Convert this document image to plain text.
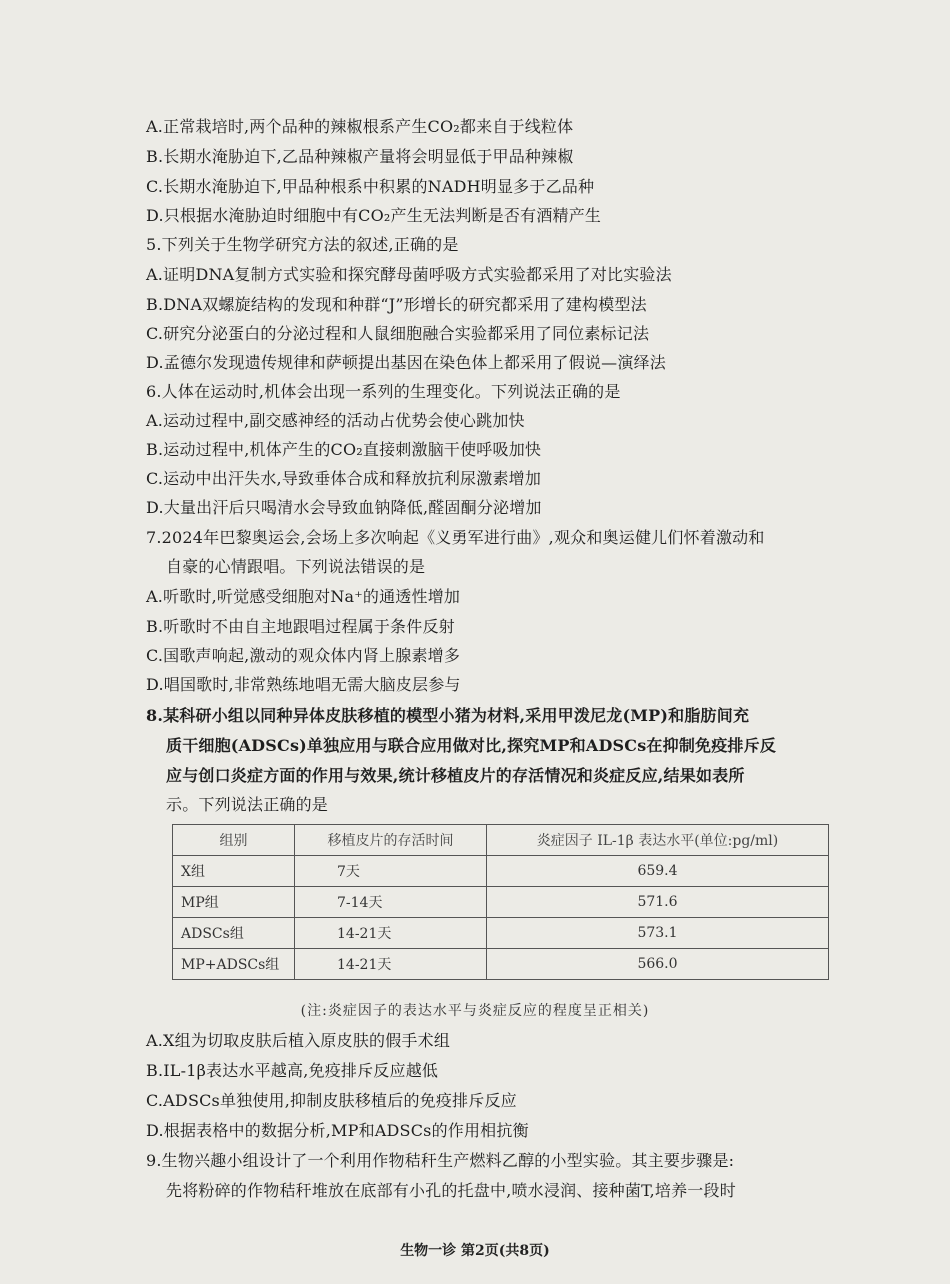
A.正常栽培时,两个品种的辣椒根系产生CO₂都来自于线粒体
B.长期水淹胁迫下,乙品种辣椒产量将会明显低于甲品种辣椒
C.长期水淹胁迫下,甲品种根系中积累的NADH明显多于乙品种
D.只根据水淹胁迫时细胞中有CO₂产生无法判断是否有酒精产生
5.下列关于生物学研究方法的叙述,正确的是
A.证明DNA复制方式实验和探究酵母菌呼吸方式实验都采用了对比实验法
B.DNA双螺旋结构的发现和种群“J”形增长的研究都采用了建构模型法
C.研究分泌蛋白的分泌过程和人鼠细胞融合实验都采用了同位素标记法
D.孟德尔发现遗传规律和萨顿提出基因在染色体上都采用了假说—演绎法
6.人体在运动时,机体会出现一系列的生理变化。下列说法正确的是
A.运动过程中,副交感神经的活动占优势会使心跳加快
B.运动过程中,机体产生的CO₂直接刺激脑干使呼吸加快
C.运动中出汗失水,导致垂体合成和释放抗利尿激素增加
D.大量出汗后只喝清水会导致血钠降低,醛固酮分泌增加
7.2024年巴黎奥运会,会场上多次响起《义勇军进行曲》,观众和奥运健儿们怀着激动和
自豪的心情跟唱。下列说法错误的是
A.听歌时,听觉感受细胞对Na⁺的通透性增加
B.听歌时不由自主地跟唱过程属于条件反射
C.国歌声响起,激动的观众体内肾上腺素增多
D.唱国歌时,非常熟练地唱无需大脑皮层参与
8.某科研小组以同种异体皮肤移植的模型小猪为材料,采用甲泼尼龙(MP)和脂肪间充
质干细胞(ADSCs)单独应用与联合应用做对比,探究MP和ADSCs在抑制免疫排斥反
应与创口炎症方面的作用与效果,统计移植皮片的存活情况和炎症反应,结果如表所
示。下列说法正确的是
组别	移植皮片的存活时间	炎症因子 IL-1β 表达水平(单位:pg/ml)
X组	7天	659.4
MP组	7-14天	571.6
ADSCs组	14-21天	573.1
MP+ADSCs组	14-21天	566.0
(注:炎症因子的表达水平与炎症反应的程度呈正相关)
A.X组为切取皮肤后植入原皮肤的假手术组
B.IL-1β表达水平越高,免疫排斥反应越低
C.ADSCs单独使用,抑制皮肤移植后的免疫排斥反应
D.根据表格中的数据分析,MP和ADSCs的作用相抗衡
9.生物兴趣小组设计了一个利用作物秸秆生产燃料乙醇的小型实验。其主要步骤是:
先将粉碎的作物秸秆堆放在底部有小孔的托盘中,喷水浸润、接种菌T,培养一段时
生物一诊 第2页(共8页)
